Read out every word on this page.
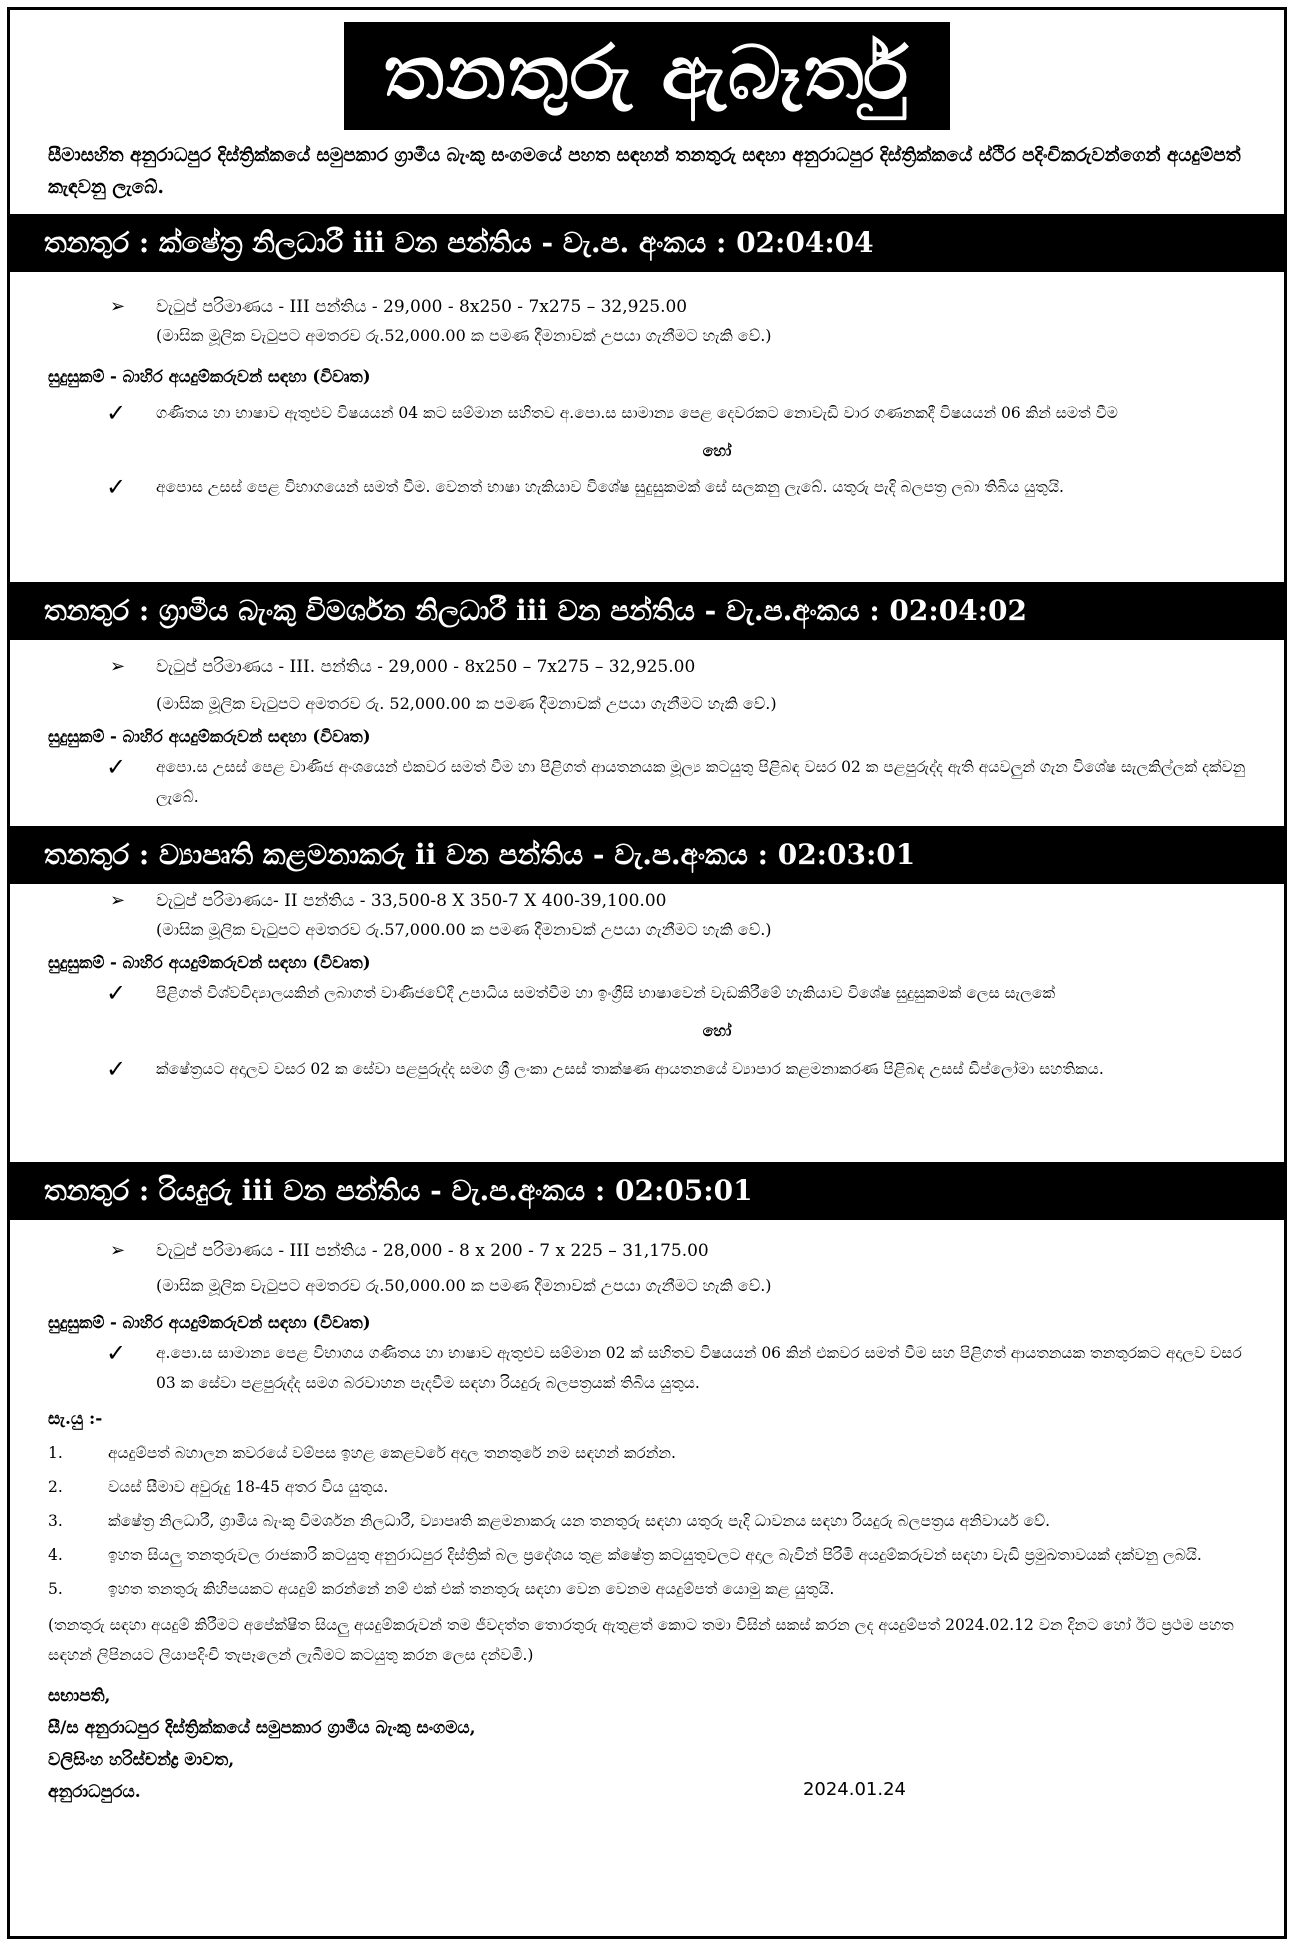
තනතුරු ඇබෑර්තු
සීමාසහිත අනුරාධපුර දිස්ත්‍රික්කයේ සමුපකාර ග්‍රාමීය බැංකු සංගමයේ පහත සඳහන් තනතුරු සඳහා අනුරාධපුර දිස්ත්‍රික්කයේ ස්ථිර පදිංචිකරුවන්ගෙන් අයදුම්පත් කැඳවනු ලැබේ.
තනතුර : ක්ෂේත්‍ර නිලධාරී iii වන පන්තිය - වැ.ප. අංකය : 02:04:04
➢	වැටුප් පරිමාණය - III පන්තිය - 29,000 - 8x250 - 7x275 – 32,925.00
(මාසික මූලික වැටුපට අමතරව රු.52,000.00 ක පමණ දීමනාවක් උපයා ගැනීමට හැකි වේ.)
සුදුසුකම් - බාහිර අයදුම්කරුවන් සඳහා (විවෘත)
✓	ගණිතය හා භාෂාව ඇතුළුව විෂයයන් 04 කට සම්මාන සහිතව අ.පො.ස සාමාන්‍ය පෙළ දෙවරකට නොවැඩි වාර ගණනකදී විෂයයන් 06 කින් සමත් වීම
හෝ
✓	අපොස උසස් පෙළ විභාගයෙන් සමත් වීම. වෙනත් භාෂා හැකියාව විශේෂ සුදුසුකමක් සේ සලකනු ලැබේ. යතුරු පැදි බලපත්‍ර ලබා තිබිය යුතුයි.
තනතුර : ග්‍රාමීය බැංකු විමර්ශන නිලධාරී iii වන පන්තිය - වැ.ප.අංකය : 02:04:02
➢	වැටුප් පරිමාණය - III. පන්තිය - 29,000 - 8x250 – 7x275 – 32,925.00
(මාසික මූලික වැටුපට අමතරව රු. 52,000.00 ක පමණ දීමනාවක් උපයා ගැනීමට හැකි වේ.)
සුදුසුකම් - බාහිර අයදුම්කරුවන් සඳහා (විවෘත)
✓	අපො.ස උසස් පෙළ වාණිජ අංශයෙන් එකවර සමත් වීම හා පිළිගත් ආයතනයක මූල්‍ය කටයුතු පිළිබඳ වසර 02 ක පළපුරුද්ද ඇති අයවලුන් ගැන විශේෂ සැලකිල්ලක් දක්වනු ලැබේ.
තනතුර : ව්‍යාපෘති කළමනාකරු ii වන පන්තිය - වැ.ප.අංකය : 02:03:01
➢	වැටුප් පරිමාණය- II පන්තිය - 33,500-8 X 350-7 X 400-39,100.00
(මාසික මූලික වැටුපට අමතරව රු.57,000.00 ක පමණ දීමනාවක් උපයා ගැනීමට හැකි වේ.)
සුදුසුකම් - බාහිර අයදුම්කරුවන් සඳහා (විවෘත)
✓	පිළිගත් විශ්වවිද්‍යාලයකින් ලබාගත් වාණිජවේදී උපාධිය සමත්වීම හා ඉංග්‍රීසි භාෂාවෙන් වැඩකිරීමේ හැකියාව විශේෂ සුදුසුකමක් ලෙස සැලකේ
හෝ
✓	ක්ෂේත්‍රයට අදාලව වසර 02 ක සේවා පළපුරුද්ද සමග ශ්‍රී ලංකා උසස් තාක්ෂණ ආයතනයේ ව්‍යාපාර කළමනාකරණ පිළිබඳ උසස් ඩිප්ලෝමා සහතිකය.
තනතුර : රියදුරු iii වන පන්තිය - වැ.ප.අංකය : 02:05:01
➢	වැටුප් පරිමාණය - III පන්තිය - 28,000 - 8 x 200 - 7 x 225 – 31,175.00
(මාසික මූලික වැටුපට අමතරව රු.50,000.00 ක පමණ දීමනාවක් උපයා ගැනීමට හැකි වේ.)
සුදුසුකම් - බාහිර අයදුම්කරුවන් සඳහා (විවෘත)
✓	අ.පො.ස සාමාන්‍ය පෙළ විභාගය ගණිතය හා භාෂාව ඇතුළුව සම්මාන 02 ක් සහිතව විෂයයන් 06 කින් එකවර සමත් වීම සහ පිළිගත් ආයතනයක තනතුරකට අදාලව වසර 03 ක සේවා පළපුරුද්ද සමග බරවාහන පැදවීම සඳහා රියදුරු බලපත්‍රයක් තිබිය යුතුය.
සැ.යු :-
1.	අයදුම්පත් බහාලන කවරයේ වම්පස ඉහළ කෙළවරේ අදාල තනතුරේ නම සඳහන් කරන්න.
2.	වයස් සීමාව අවුරුදු 18-45 අතර විය යුතුය.
3.	ක්ෂේත්‍ර නිලධාරී, ග්‍රාමීය බැංකු විමර්ශන නිලධාරී, ව්‍යාපෘති කළමනාකරු යන තනතුරු සඳහා යතුරු පැදි ධාවනය සඳහා රියදුරු බලපත්‍රය අනිවාර්ය වේ.
4.	ඉහත සියලු තනතුරුවල රාජකාරි කටයුතු අනුරාධපුර දිස්ත්‍රික් බල ප්‍රදේශය තුළ ක්ෂේත්‍ර කටයුතුවලට අදාල බැවින් පිරිමි අයදුම්කරුවන් සඳහා වැඩි ප්‍රමුඛතාවයක් දක්වනු ලබයි.
5.	ඉහත තනතුරු කිහිපයකට අයදුම් කරන්නේ නම් එක් එක් තනතුරු සඳහා වෙන වෙනම අයදුම්පත් යොමු කළ යුතුයි.
(තනතුරු සඳහා අයදුම් කිරීමට අපේක්ෂිත සියලු අයදුම්කරුවන් තම ජීවදත්ත තොරතුරු ඇතුළත් කොට තමා විසින් සකස් කරන ලද අයදුම්පත් 2024.02.12 වන දිනට හෝ ඊට ප්‍රථම පහත සඳහන් ලිපිනයට ලියාපදිංචි තැපෑලෙන් ලැබීමට කටයුතු කරන ලෙස දන්වමි.)
සභාපති,
සී/ස අනුරාධපුර දිස්ත්‍රික්කයේ සමුපකාර ග්‍රාමීය බැංකු සංගමය,
වලිසිංහ හරිස්චන්ද්‍ර මාවත,
අනුරාධපුරය.	2024.01.24
